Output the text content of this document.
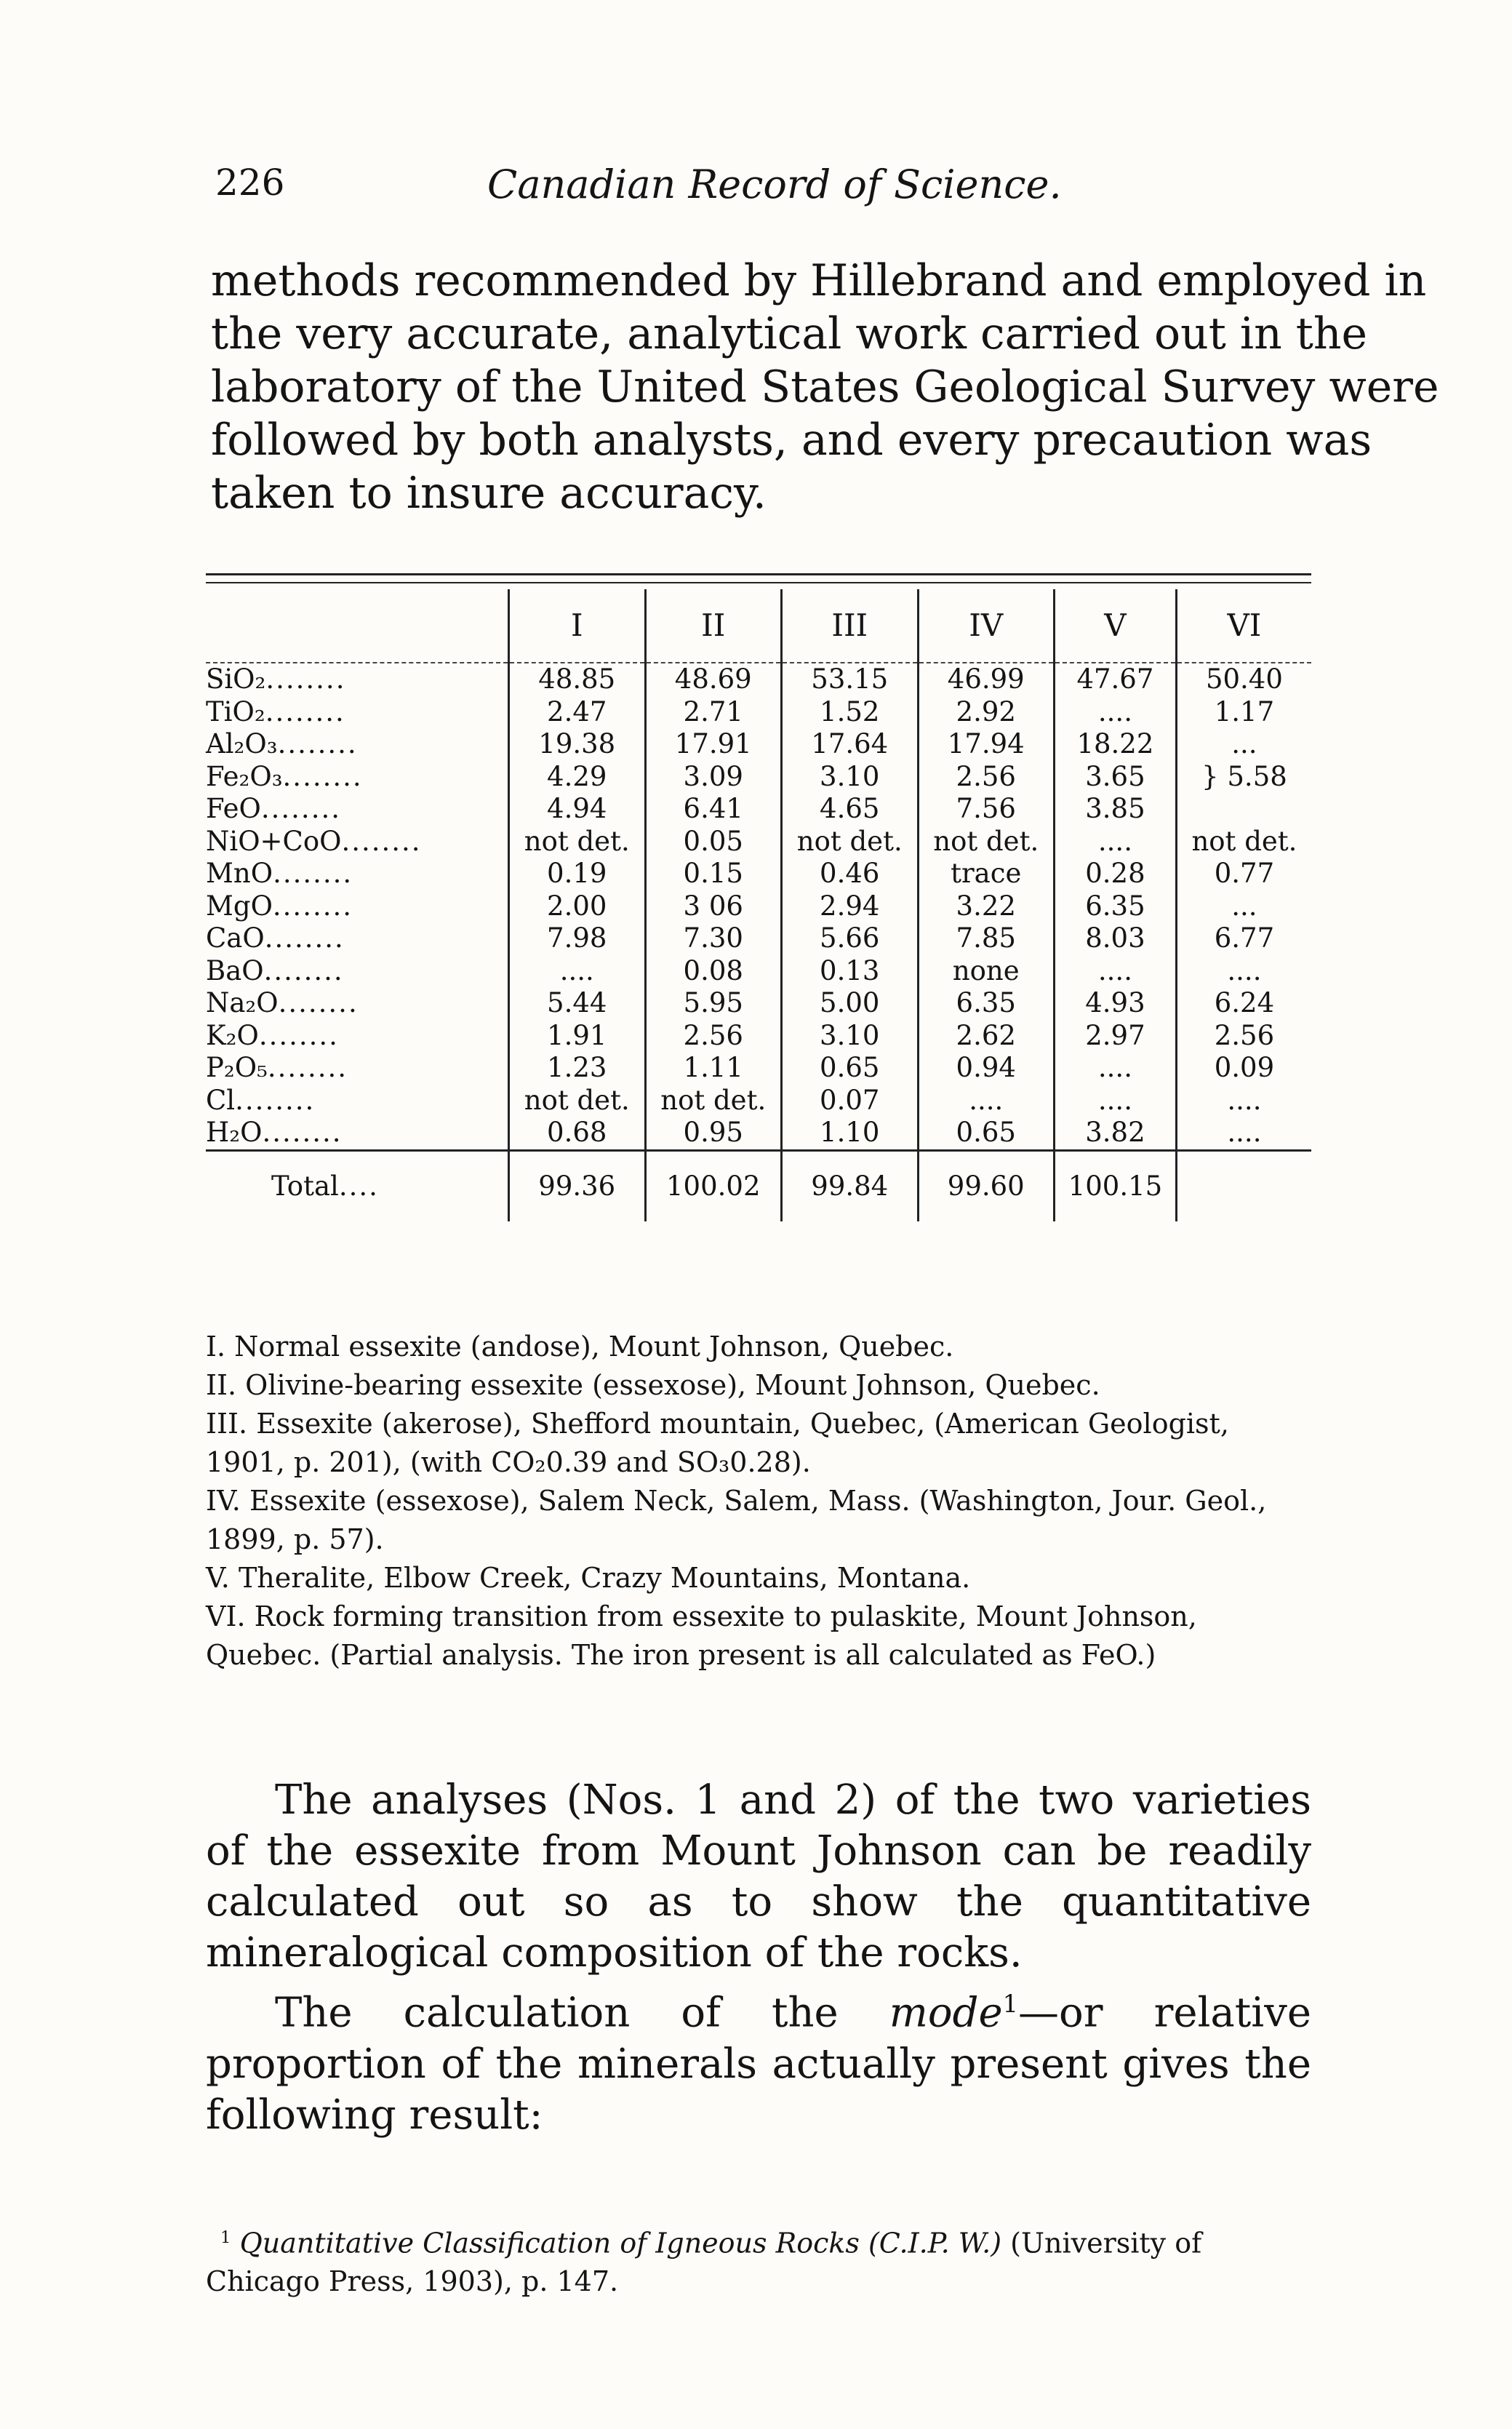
226	Canadian Record of Science.
methods recommended by Hillebrand and employed in
the very accurate, analytical work carried out in the
laboratory of the United States Geological Survey were
followed by both analysts, and every precaution was
taken to insure accuracy.
	I	II	III	IV	V	VI
SiO₂........	48.85	48.69	53.15	46.99	47.67	50.40
TiO₂........	2.47	2.71	1.52	2.92	....	1.17
Al₂O₃........	19.38	17.91	17.64	17.94	18.22	...
Fe₂O₃........	4.29	3.09	3.10	2.56	3.65	} 5.58
FeO........	4.94	6.41	4.65	7.56	3.85	
NiO+CoO........	not det.	0.05	not det.	not det.	....	not det.
MnO........	0.19	0.15	0.46	trace	0.28	0.77
MgO........	2.00	3 06	2.94	3.22	6.35	...
CaO........	7.98	7.30	5.66	7.85	8.03	6.77
BaO........	....	0.08	0.13	none	....	....
Na₂O........	5.44	5.95	5.00	6.35	4.93	6.24
K₂O........	1.91	2.56	3.10	2.62	2.97	2.56
P₂O₅........	1.23	1.11	0.65	0.94	....	0.09
Cl........	not det.	not det.	0.07	....	....	....
H₂O........	0.68	0.95	1.10	0.65	3.82	....
Total....	99.36	100.02	99.84	99.60	100.15	

I. Normal essexite (andose), Mount Johnson, Quebec.

II. Olivine-bearing essexite (essexose), Mount Johnson, Quebec.

III. Essexite (akerose), Shefford mountain, Quebec, (American Geologist, 1901, p. 201), (with CO₂0.39 and SO₃0.28).

IV. Essexite (essexose), Salem Neck, Salem, Mass. (Washington, Jour. Geol., 1899, p. 57).

V. Theralite, Elbow Creek, Crazy Mountains, Montana.

VI. Rock forming transition from essexite to pulaskite, Mount Johnson, Quebec. (Partial analysis. The iron present is all calculated as FeO.)

The analyses (Nos. 1 and 2) of the two varieties of the essexite from Mount Johnson can be readily calculated out so as to show the quantitative mineralogical composition of the rocks.

The calculation of the mode$^1$—or relative proportion of the minerals actually present gives the following result:

$^1$ Quantitative Classification of Igneous Rocks (C.I.P. W.) (University of Chicago Press, 1903), p. 147.
